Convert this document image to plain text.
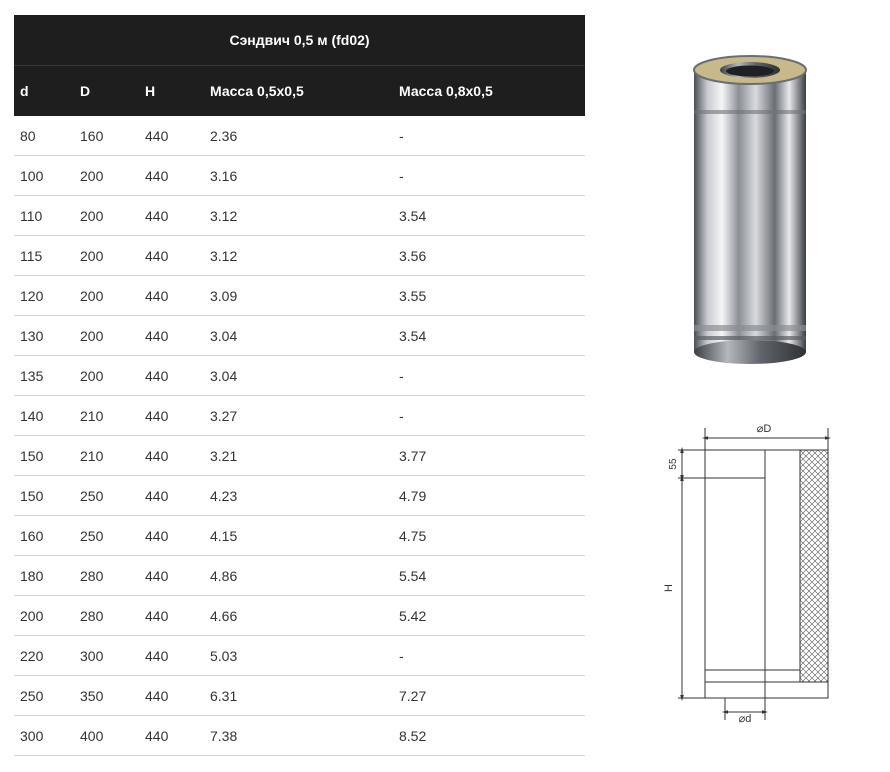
Сэндвич 0,5 м (fd02)				
d	D	H	Масса 0,5x0,5	Масса 0,8x0,5
80	160	440	2.36	-
100	200	440	3.16	-
110	200	440	3.12	3.54
115	200	440	3.12	3.56
120	200	440	3.09	3.55
130	200	440	3.04	3.54
135	200	440	3.04	-
140	210	440	3.27	-
150	210	440	3.21	3.77
150	250	440	4.23	4.79
160	250	440	4.15	4.75
180	280	440	4.86	5.54
200	280	440	4.66	5.42
220	300	440	5.03	-
250	350	440	6.31	7.27
300	400	440	7.38	8.52
⌀D
⌀d
H
55
